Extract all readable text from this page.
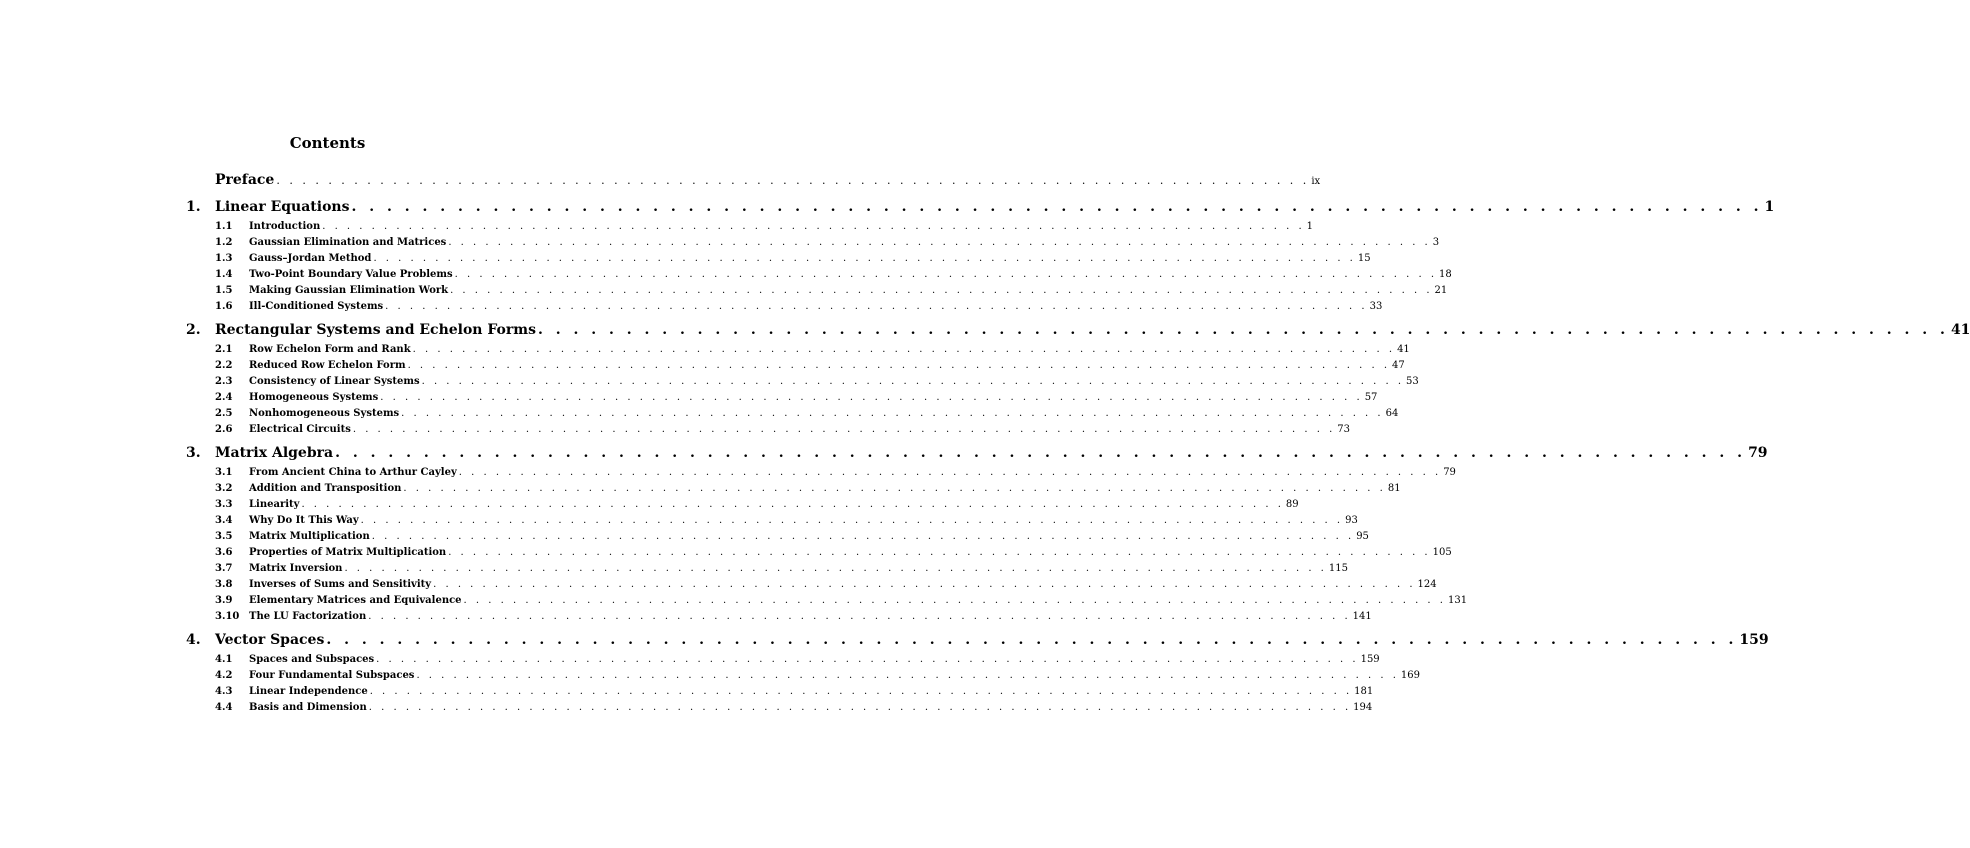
Contents
Preface . . . . . . . . . . . . . . . . . . . . . . . . . . . . . . . . . . . . . . . . . . . . . . . . . . . . . . . . . . . . . . . . . . . . . . . . . . . . . . . . ix
1.	Linear Equations . . . . . . . . . . . . . . . . . . . . . . . . . . . . . . . . . . . . . . . . . . . . . . . . . . . . . . . . . . . . . . . . . . . . . . . . . . . . . . . . 1
1.1	Introduction . . . . . . . . . . . . . . . . . . . . . . . . . . . . . . . . . . . . . . . . . . . . . . . . . . . . . . . . . . . . . . . . . . . . . . . . . . . . . . . . 1
1.2	Gaussian Elimination and Matrices . . . . . . . . . . . . . . . . . . . . . . . . . . . . . . . . . . . . . . . . . . . . . . . . . . . . . . . . . . . . . . . . . . . . . . . . . . . . . . . . 3
1.3	Gauss–Jordan Method . . . . . . . . . . . . . . . . . . . . . . . . . . . . . . . . . . . . . . . . . . . . . . . . . . . . . . . . . . . . . . . . . . . . . . . . . . . . . . . . 15
1.4	Two-Point Boundary Value Problems . . . . . . . . . . . . . . . . . . . . . . . . . . . . . . . . . . . . . . . . . . . . . . . . . . . . . . . . . . . . . . . . . . . . . . . . . . . . . . . . 18
1.5	Making Gaussian Elimination Work . . . . . . . . . . . . . . . . . . . . . . . . . . . . . . . . . . . . . . . . . . . . . . . . . . . . . . . . . . . . . . . . . . . . . . . . . . . . . . . . 21
1.6	Ill-Conditioned Systems . . . . . . . . . . . . . . . . . . . . . . . . . . . . . . . . . . . . . . . . . . . . . . . . . . . . . . . . . . . . . . . . . . . . . . . . . . . . . . . . 33
2.	Rectangular Systems and Echelon Forms . . . . . . . . . . . . . . . . . . . . . . . . . . . . . . . . . . . . . . . . . . . . . . . . . . . . . . . . . . . . . . . . . . . . . . . . . . . . . . . . 41
2.1	Row Echelon Form and Rank . . . . . . . . . . . . . . . . . . . . . . . . . . . . . . . . . . . . . . . . . . . . . . . . . . . . . . . . . . . . . . . . . . . . . . . . . . . . . . . . 41
2.2	Reduced Row Echelon Form . . . . . . . . . . . . . . . . . . . . . . . . . . . . . . . . . . . . . . . . . . . . . . . . . . . . . . . . . . . . . . . . . . . . . . . . . . . . . . . . 47
2.3	Consistency of Linear Systems . . . . . . . . . . . . . . . . . . . . . . . . . . . . . . . . . . . . . . . . . . . . . . . . . . . . . . . . . . . . . . . . . . . . . . . . . . . . . . . . 53
2.4	Homogeneous Systems . . . . . . . . . . . . . . . . . . . . . . . . . . . . . . . . . . . . . . . . . . . . . . . . . . . . . . . . . . . . . . . . . . . . . . . . . . . . . . . . 57
2.5	Nonhomogeneous Systems . . . . . . . . . . . . . . . . . . . . . . . . . . . . . . . . . . . . . . . . . . . . . . . . . . . . . . . . . . . . . . . . . . . . . . . . . . . . . . . . 64
2.6	Electrical Circuits . . . . . . . . . . . . . . . . . . . . . . . . . . . . . . . . . . . . . . . . . . . . . . . . . . . . . . . . . . . . . . . . . . . . . . . . . . . . . . . . 73
3.	Matrix Algebra . . . . . . . . . . . . . . . . . . . . . . . . . . . . . . . . . . . . . . . . . . . . . . . . . . . . . . . . . . . . . . . . . . . . . . . . . . . . . . . . 79
3.1	From Ancient China to Arthur Cayley . . . . . . . . . . . . . . . . . . . . . . . . . . . . . . . . . . . . . . . . . . . . . . . . . . . . . . . . . . . . . . . . . . . . . . . . . . . . . . . . 79
3.2	Addition and Transposition . . . . . . . . . . . . . . . . . . . . . . . . . . . . . . . . . . . . . . . . . . . . . . . . . . . . . . . . . . . . . . . . . . . . . . . . . . . . . . . . 81
3.3	Linearity . . . . . . . . . . . . . . . . . . . . . . . . . . . . . . . . . . . . . . . . . . . . . . . . . . . . . . . . . . . . . . . . . . . . . . . . . . . . . . . . 89
3.4	Why Do It This Way . . . . . . . . . . . . . . . . . . . . . . . . . . . . . . . . . . . . . . . . . . . . . . . . . . . . . . . . . . . . . . . . . . . . . . . . . . . . . . . . 93
3.5	Matrix Multiplication . . . . . . . . . . . . . . . . . . . . . . . . . . . . . . . . . . . . . . . . . . . . . . . . . . . . . . . . . . . . . . . . . . . . . . . . . . . . . . . . 95
3.6	Properties of Matrix Multiplication . . . . . . . . . . . . . . . . . . . . . . . . . . . . . . . . . . . . . . . . . . . . . . . . . . . . . . . . . . . . . . . . . . . . . . . . . . . . . . . . 105
3.7	Matrix Inversion . . . . . . . . . . . . . . . . . . . . . . . . . . . . . . . . . . . . . . . . . . . . . . . . . . . . . . . . . . . . . . . . . . . . . . . . . . . . . . . . 115
3.8	Inverses of Sums and Sensitivity . . . . . . . . . . . . . . . . . . . . . . . . . . . . . . . . . . . . . . . . . . . . . . . . . . . . . . . . . . . . . . . . . . . . . . . . . . . . . . . . 124
3.9	Elementary Matrices and Equivalence . . . . . . . . . . . . . . . . . . . . . . . . . . . . . . . . . . . . . . . . . . . . . . . . . . . . . . . . . . . . . . . . . . . . . . . . . . . . . . . . 131
3.10 The LU Factorization . . . . . . . . . . . . . . . . . . . . . . . . . . . . . . . . . . . . . . . . . . . . . . . . . . . . . . . . . . . . . . . . . . . . . . . . . . . . . . . . 141
4.	Vector Spaces . . . . . . . . . . . . . . . . . . . . . . . . . . . . . . . . . . . . . . . . . . . . . . . . . . . . . . . . . . . . . . . . . . . . . . . . . . . . . . . . 159
4.1	Spaces and Subspaces . . . . . . . . . . . . . . . . . . . . . . . . . . . . . . . . . . . . . . . . . . . . . . . . . . . . . . . . . . . . . . . . . . . . . . . . . . . . . . . . 159
4.2	Four Fundamental Subspaces . . . . . . . . . . . . . . . . . . . . . . . . . . . . . . . . . . . . . . . . . . . . . . . . . . . . . . . . . . . . . . . . . . . . . . . . . . . . . . . . 169
4.3	Linear Independence . . . . . . . . . . . . . . . . . . . . . . . . . . . . . . . . . . . . . . . . . . . . . . . . . . . . . . . . . . . . . . . . . . . . . . . . . . . . . . . . 181
4.4	Basis and Dimension . . . . . . . . . . . . . . . . . . . . . . . . . . . . . . . . . . . . . . . . . . . . . . . . . . . . . . . . . . . . . . . . . . . . . . . . . . . . . . . . 194
